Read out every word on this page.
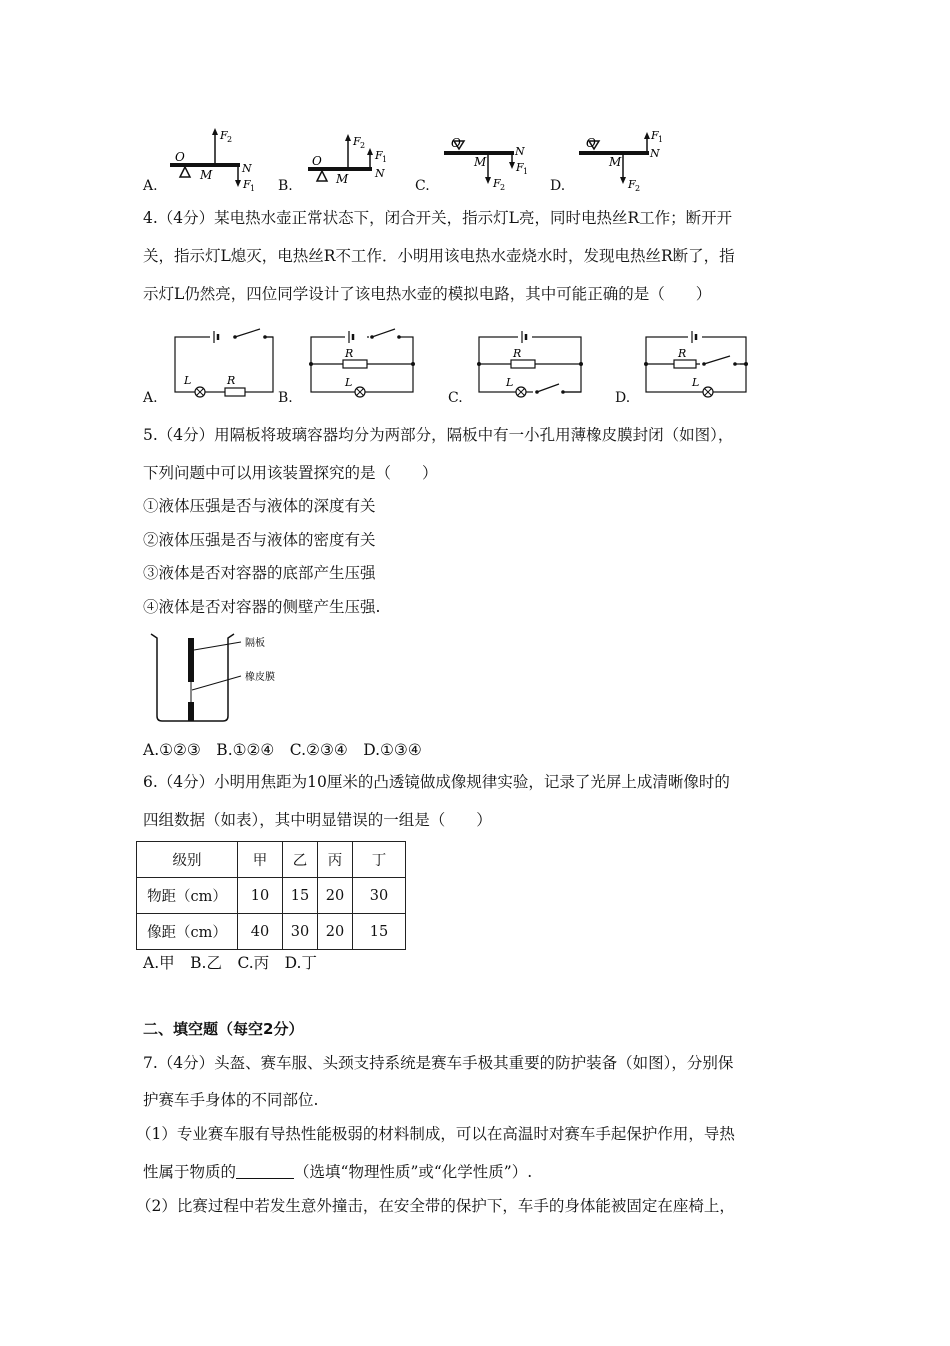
A.
O
M	N
F 2
F 1 B.
O
M N
F 2
F 1
C.
O
M
N
F 2
F 1
D.
O
M
N
F 2
F 1
4.（4分）某电热水壶正常状态下，闭合开关，指示灯L亮，同时电热丝R工作；断开开
关，指示灯L熄灭，电热丝R不工作．小明用该电热水壶烧水时，发现电热丝R断了，指
示灯L仍然亮，四位同学设计了该电热水壶的模拟电路，其中可能正确的是（　　）
A.
L	R
B.
R
L
C.
R
L
D.
R
L
5.（4分）用隔板将玻璃容器均分为两部分，隔板中有一小孔用薄橡皮膜封闭（如图），
下列问题中可以用该装置探究的是（　　）
①液体压强是否与液体的深度有关
②液体压强是否与液体的密度有关
③液体是否对容器的底部产生压强
④液体是否对容器的侧壁产生压强.
隔板
橡皮膜
A.①②③　B.①②④　C.②③④　D.①③④
6.（4分）小明用焦距为10厘米的凸透镜做成像规律实验，记录了光屏上成清晰像时的
四组数据（如表），其中明显错误的一组是（　　）
级别	甲	乙	丙	丁
物距（cm）	10	15	20	30
像距（cm）	40	30	20	15
A.甲　B.乙　C.丙　D.丁
二、填空题（每空2分）
7.（4分）头盔、赛车服、头颈支持系统是赛车手极其重要的防护装备（如图），分别保
护赛车手身体的不同部位.
（1）专业赛车服有导热性能极弱的材料制成，可以在高温时对赛车手起保护作用，导热
性属于物质的	（选填“物理性质”或“化学性质”）.
（2）比赛过程中若发生意外撞击，在安全带的保护下，车手的身体能被固定在座椅上，
